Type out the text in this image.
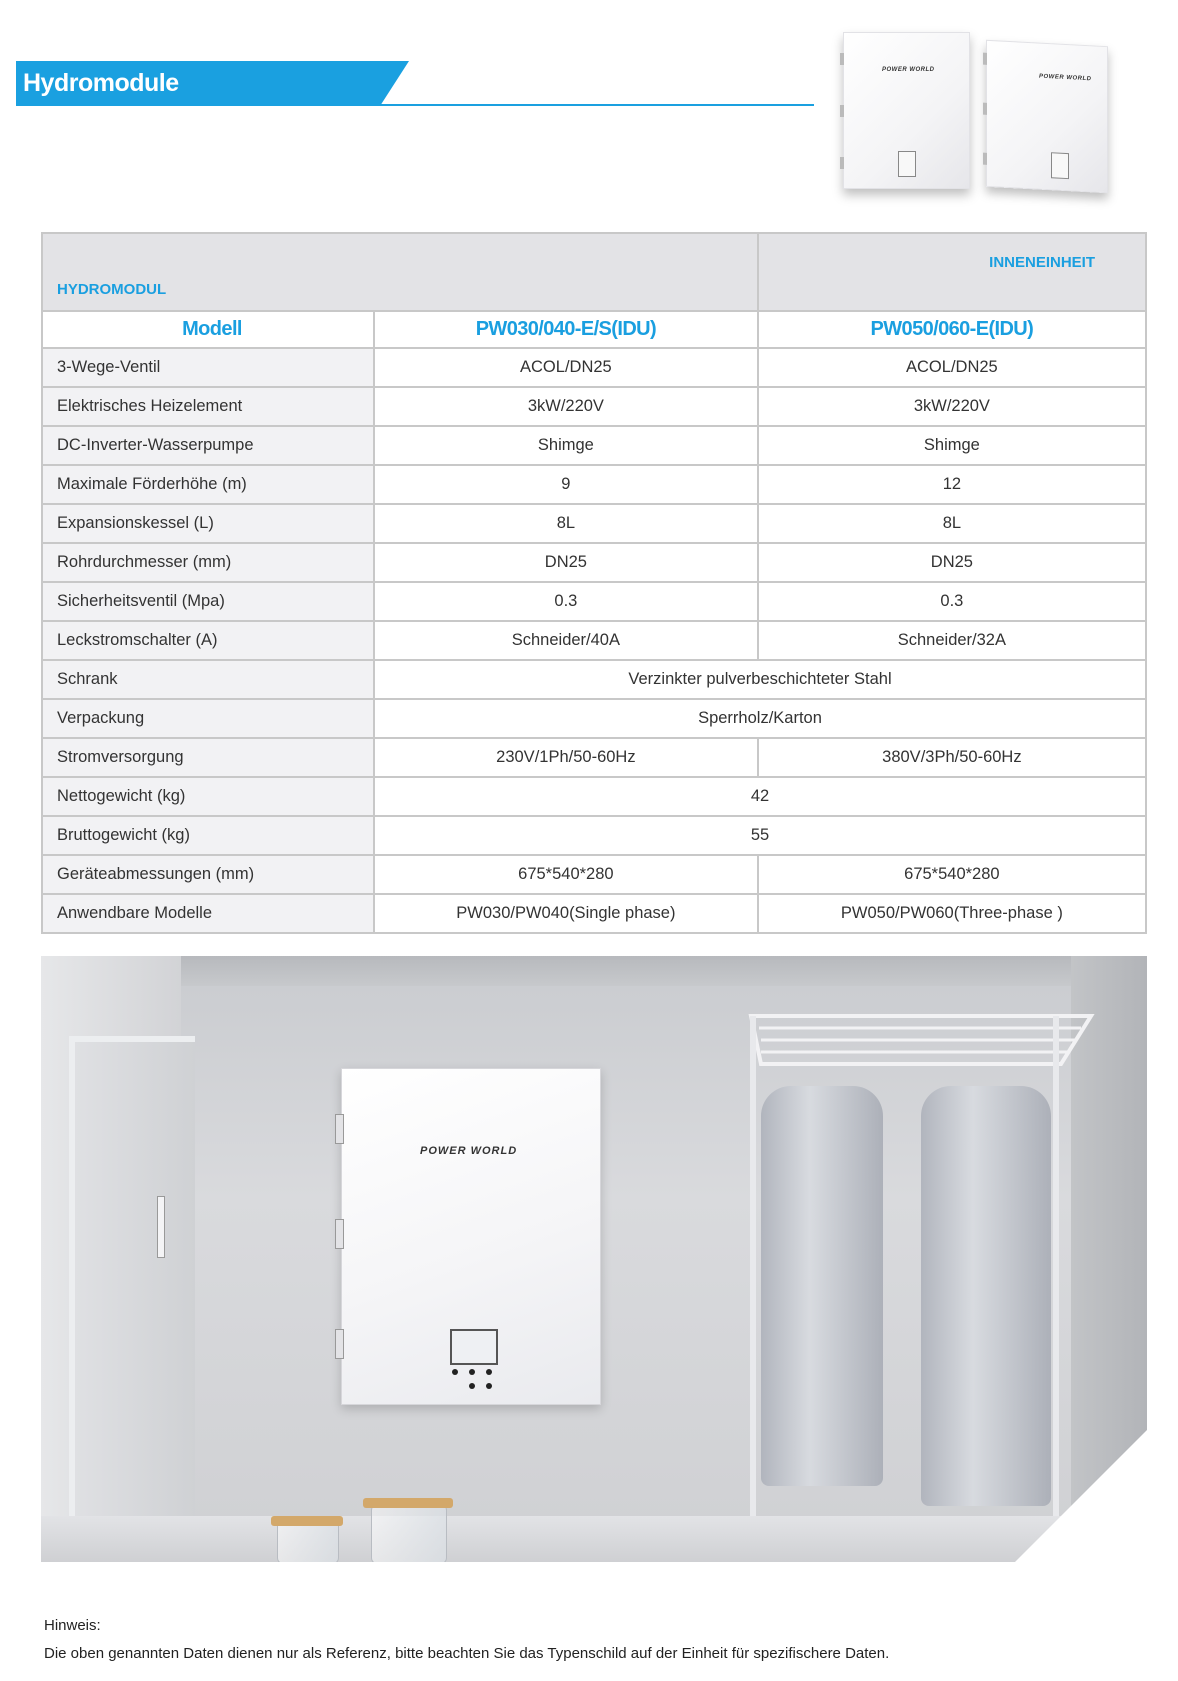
Hydromodule	POWER WORLD
POWER WORLD
HYDROMODUL		INNENEINHEIT
Modell	PW030/040-E/S(IDU)	PW050/060-E(IDU)
3-Wege-Ventil	ACOL/DN25	ACOL/DN25
Elektrisches Heizelement	3kW/220V	3kW/220V
DC-Inverter-Wasserpumpe	Shimge	Shimge
Maximale Förderhöhe (m)	9	12
Expansionskessel (L)	8L	8L
Rohrdurchmesser (mm)	DN25	DN25
Sicherheitsventil (Mpa)	0.3	0.3
Leckstromschalter (A)	Schneider/40A	Schneider/32A
Schrank	Verzinkter pulverbeschichteter Stahl	
Verpackung	Sperrholz/Karton	
Stromversorgung	230V/1Ph/50-60Hz	380V/3Ph/50-60Hz
Nettogewicht (kg)	42	
Bruttogewicht (kg)	55	
Geräteabmessungen (mm)	675*540*280	675*540*280
Anwendbare Modelle	PW030/PW040(Single phase)	PW050/PW060(Three-phase )
POWER WORLD
Hinweis:
Die oben genannten Daten dienen nur als Referenz, bitte beachten Sie das Typenschild auf der Einheit für spezifischere Daten.
